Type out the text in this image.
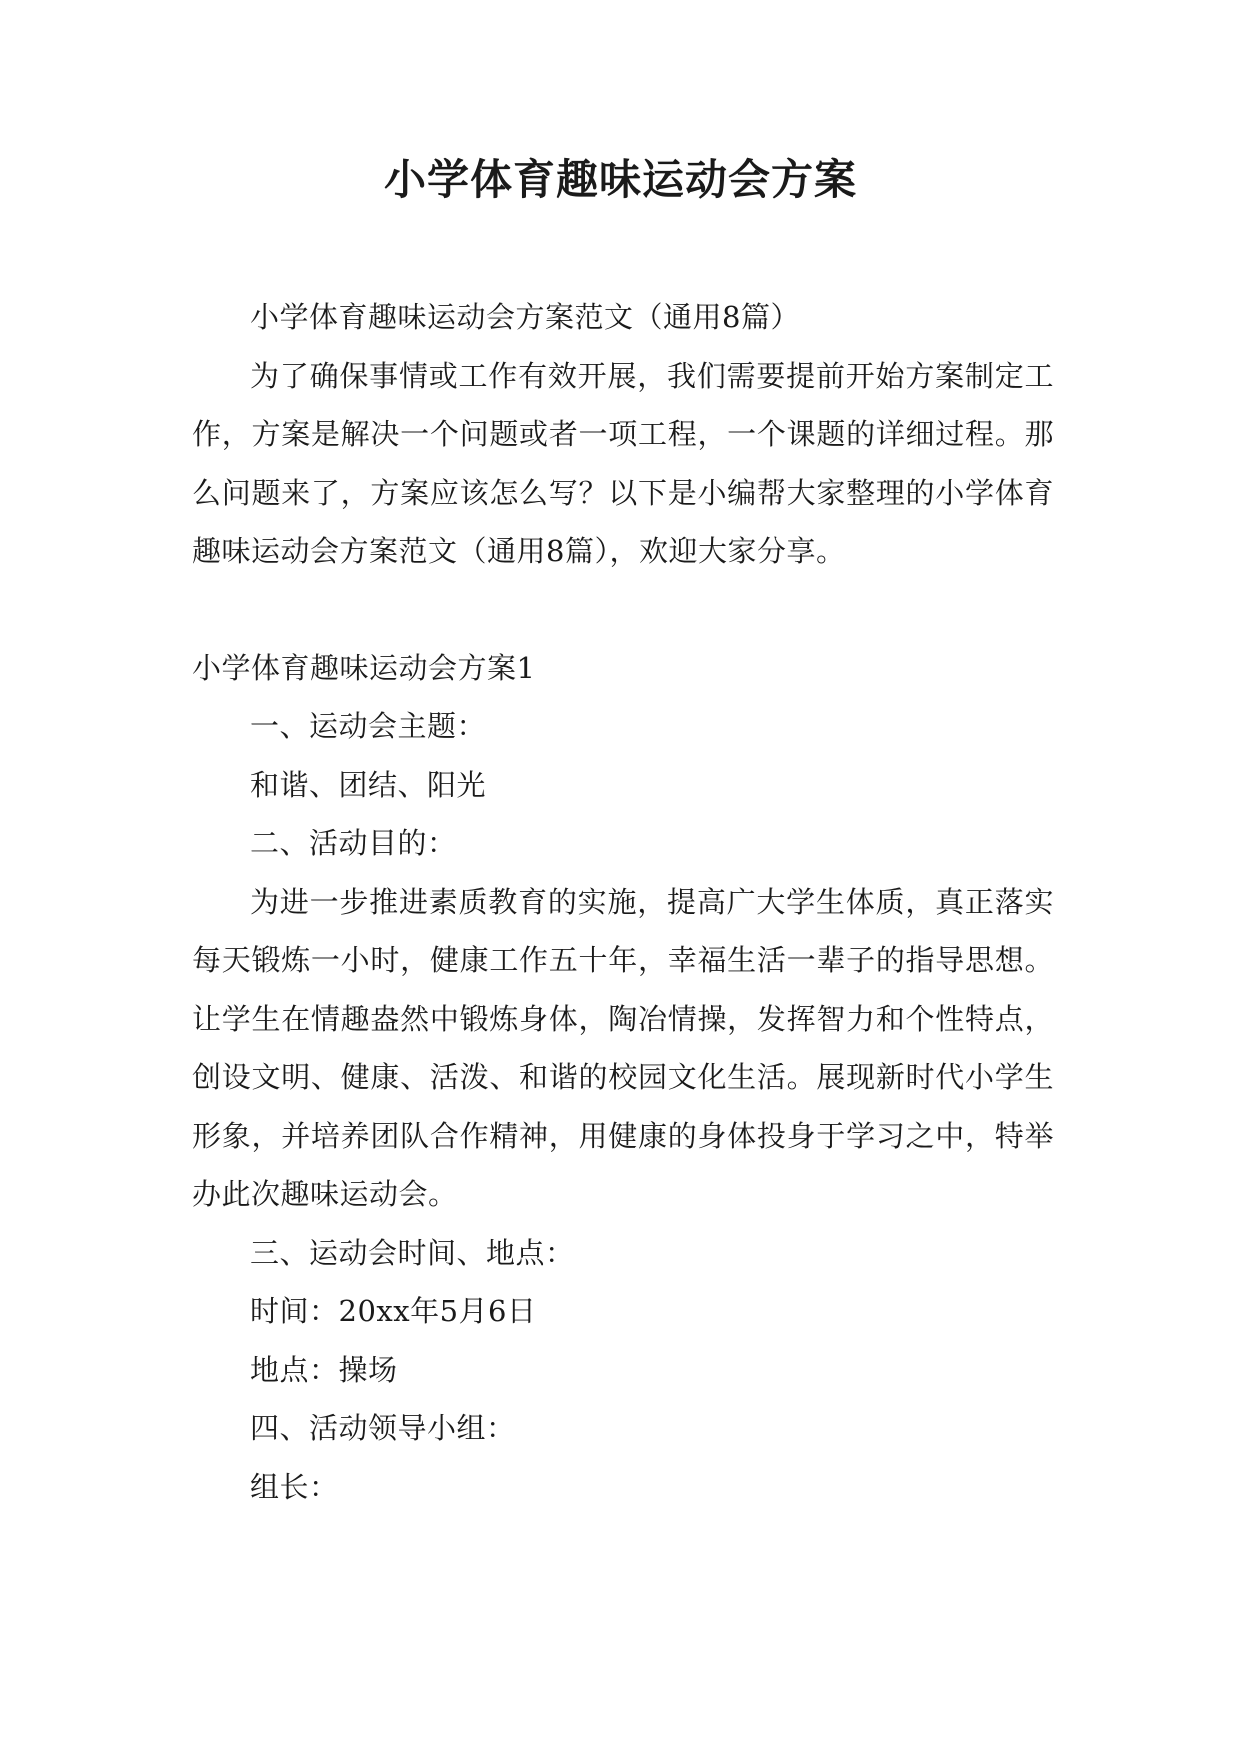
小学体育趣味运动会方案

小学体育趣味运动会方案范文（通用8篇）

为了确保事情或工作有效开展，我们需要提前开始方案制定工作，方案是解决一个问题或者一项工程，一个课题的详细过程。那么问题来了，方案应该怎么写？以下是小编帮大家整理的小学体育趣味运动会方案范文（通用8篇），欢迎大家分享。

小学体育趣味运动会方案1

一、运动会主题：

和谐、团结、阳光

二、活动目的：

为进一步推进素质教育的实施，提高广大学生体质，真正落实每天锻炼一小时，健康工作五十年，幸福生活一辈子的指导思想。让学生在情趣盎然中锻炼身体，陶冶情操，发挥智力和个性特点，创设文明、健康、活泼、和谐的校园文化生活。展现新时代小学生形象，并培养团队合作精神，用健康的身体投身于学习之中，特举办此次趣味运动会。

三、运动会时间、地点：

时间：20xx年5月6日

地点：操场

四、活动领导小组：

组长：
